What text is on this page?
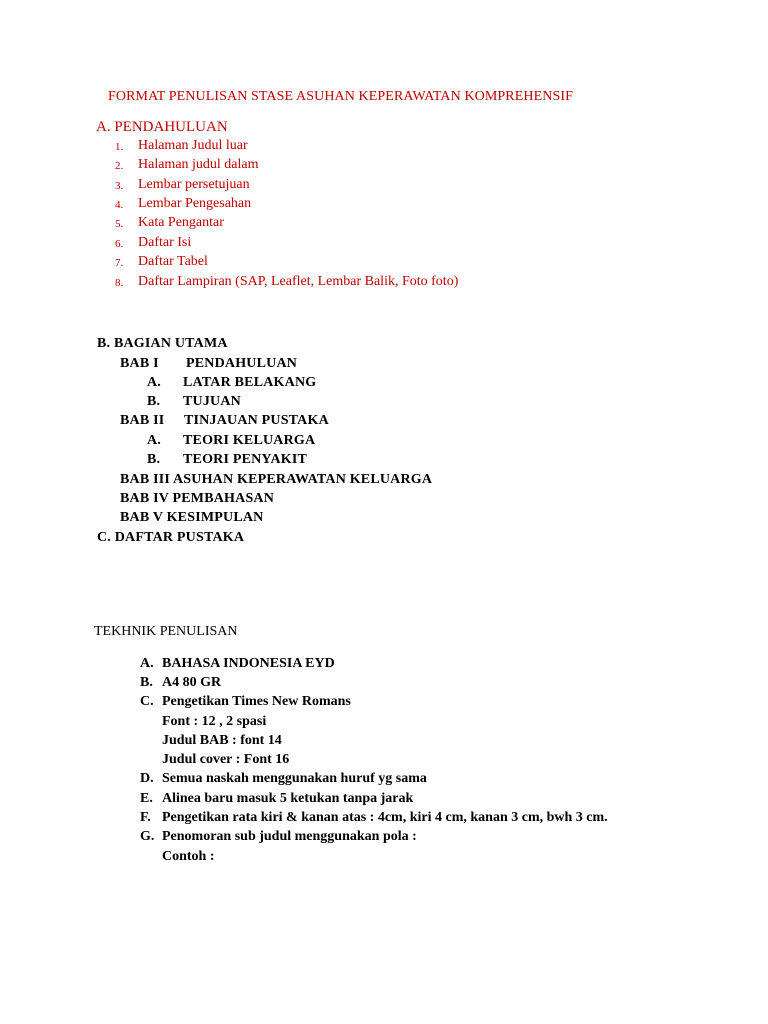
FORMAT PENULISAN STASE ASUHAN KEPERAWATAN KOMPREHENSIF
A. PENDAHULUAN
1. Halaman Judul luar
2. Halaman judul dalam
3. Lembar persetujuan
4. Lembar Pengesahan
5. Kata Pengantar
6. Daftar Isi
7. Daftar Tabel
8. Daftar Lampiran (SAP, Leaflet, Lembar Balik, Foto foto)
B. BAGIAN UTAMA
BAB I PENDAHULUAN
A. LATAR BELAKANG
B. TUJUAN
BAB II TINJAUAN PUSTAKA
A. TEORI KELUARGA
B. TEORI PENYAKIT
BAB III ASUHAN KEPERAWATAN KELUARGA
BAB IV PEMBAHASAN
BAB V KESIMPULAN
C. DAFTAR PUSTAKA
TEKHNIK PENULISAN
A. BAHASA INDONESIA EYD
B. A4 80 GR
C. Pengetikan Times New Romans
Font : 12 , 2 spasi
Judul BAB : font 14
Judul cover : Font 16
D. Semua naskah menggunakan huruf yg sama
E. Alinea baru masuk 5 ketukan tanpa jarak
F. Pengetikan rata kiri & kanan atas : 4cm, kiri 4 cm, kanan 3 cm, bwh 3 cm.
G. Penomoran sub judul menggunakan pola :
Contoh :
